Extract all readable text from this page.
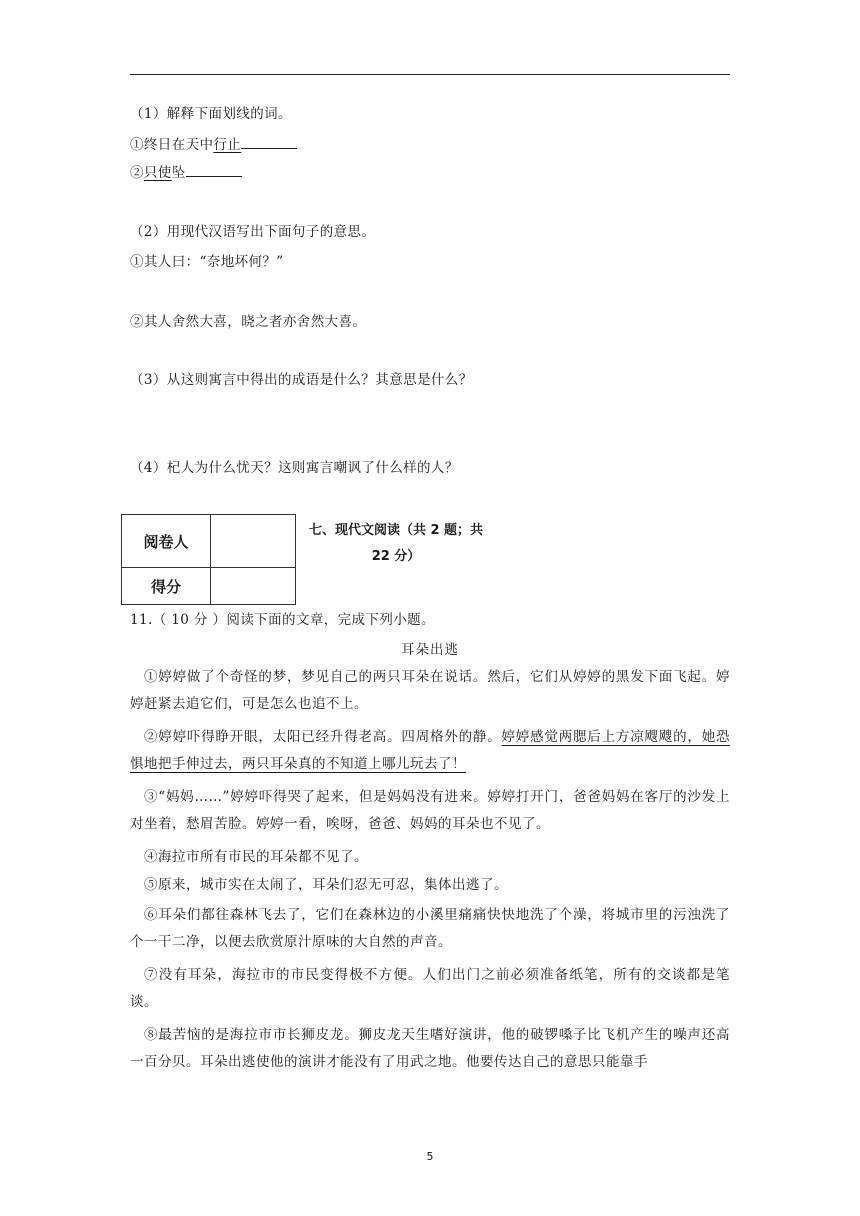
（1）解释下面划线的词。
①终日在天中行止
②只使坠
（2）用现代汉语写出下面句子的意思。
①其人曰：“奈地坏何？”
②其人舍然大喜，晓之者亦舍然大喜。
（3）从这则寓言中得出的成语是什么？其意思是什么？
（4）杞人为什么忧天？这则寓言嘲讽了什么样的人？
阅卷人	
得分	
七、现代文阅读（共 2 题；共
22 分）
11.（ 10 分 ）阅读下面的文章，完成下列小题。
耳朵出逃
①婷婷做了个奇怪的梦，梦见自己的两只耳朵在说话。然后，它们从婷婷的黑发下面飞起。婷婷赶紧去追它们，可是怎么也追不上。
②婷婷吓得睁开眼，太阳已经升得老高。四周格外的静。婷婷感觉两腮后上方凉飕飕的，她恐惧地把手伸过去，两只耳朵真的不知道上哪儿玩去了！
③“妈妈……”婷婷吓得哭了起来，但是妈妈没有进来。婷婷打开门，爸爸妈妈在客厅的沙发上对坐着，愁眉苦脸。婷婷一看，唉呀，爸爸、妈妈的耳朵也不见了。
④海拉市所有市民的耳朵都不见了。
⑤原来，城市实在太闹了，耳朵们忍无可忍，集体出逃了。
⑥耳朵们都往森林飞去了，它们在森林边的小溪里痛痛快快地洗了个澡，将城市里的污浊洗了个一干二净，以便去欣赏原汁原味的大自然的声音。
⑦没有耳朵，海拉市的市民变得极不方便。人们出门之前必须准备纸笔，所有的交谈都是笔谈。
⑧最苦恼的是海拉市市长狮皮龙。狮皮龙天生嗜好演讲，他的破锣嗓子比飞机产生的噪声还高一百分贝。耳朵出逃使他的演讲才能没有了用武之地。他要传达自己的意思只能靠手
5
